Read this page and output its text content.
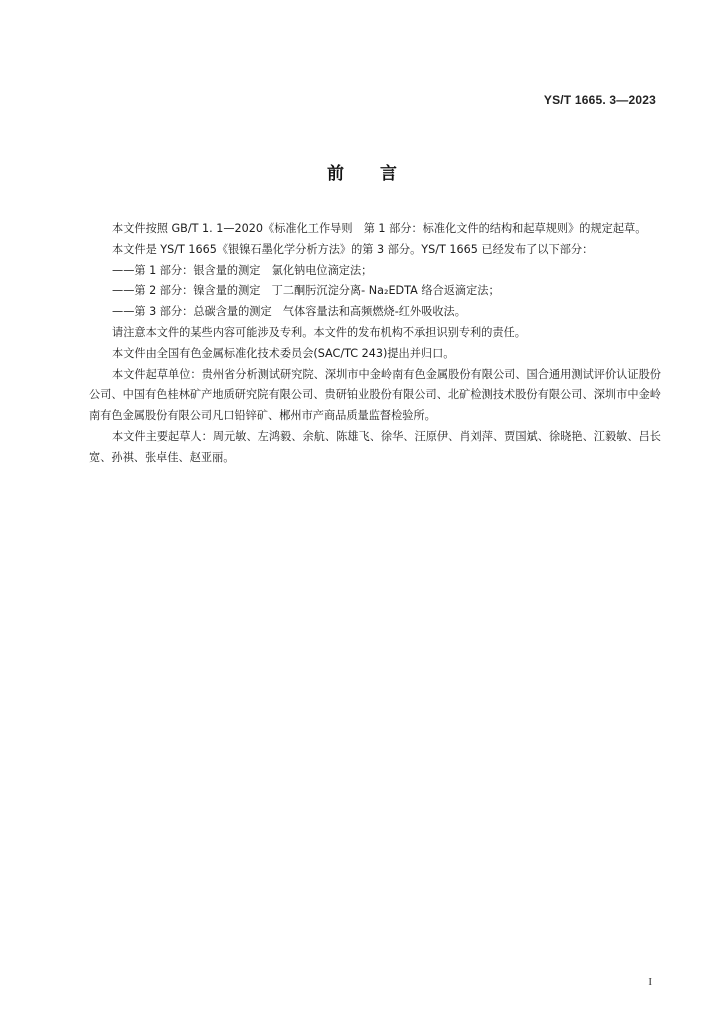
YS/T 1665. 3—2023
前 言

本文件按照 GB/T 1. 1—2020《标准化工作导则　第 1 部分：标准化文件的结构和起草规则》的规定起草。

本文件是 YS/T 1665《银镍石墨化学分析方法》的第 3 部分。YS/T 1665 已经发布了以下部分：

——第 1 部分：银含量的测定　氯化钠电位滴定法；

——第 2 部分：镍含量的测定　丁二酮肟沉淀分离- Na₂EDTA 络合返滴定法；

——第 3 部分：总碳含量的测定　气体容量法和高频燃烧-红外吸收法。

请注意本文件的某些内容可能涉及专利。本文件的发布机构不承担识别专利的责任。

本文件由全国有色金属标准化技术委员会(SAC/TC 243)提出并归口。

本文件起草单位：贵州省分析测试研究院、深圳市中金岭南有色金属股份有限公司、国合通用测试评价认证股份公司、中国有色桂林矿产地质研究院有限公司、贵研铂业股份有限公司、北矿检测技术股份有限公司、深圳市中金岭南有色金属股份有限公司凡口铅锌矿、郴州市产商品质量监督检验所。

本文件主要起草人：周元敏、左鸿毅、余航、陈雄飞、徐华、汪原伊、肖刘萍、贾国斌、徐晓艳、江毅敏、吕长宽、孙祺、张卓佳、赵亚丽。

I
